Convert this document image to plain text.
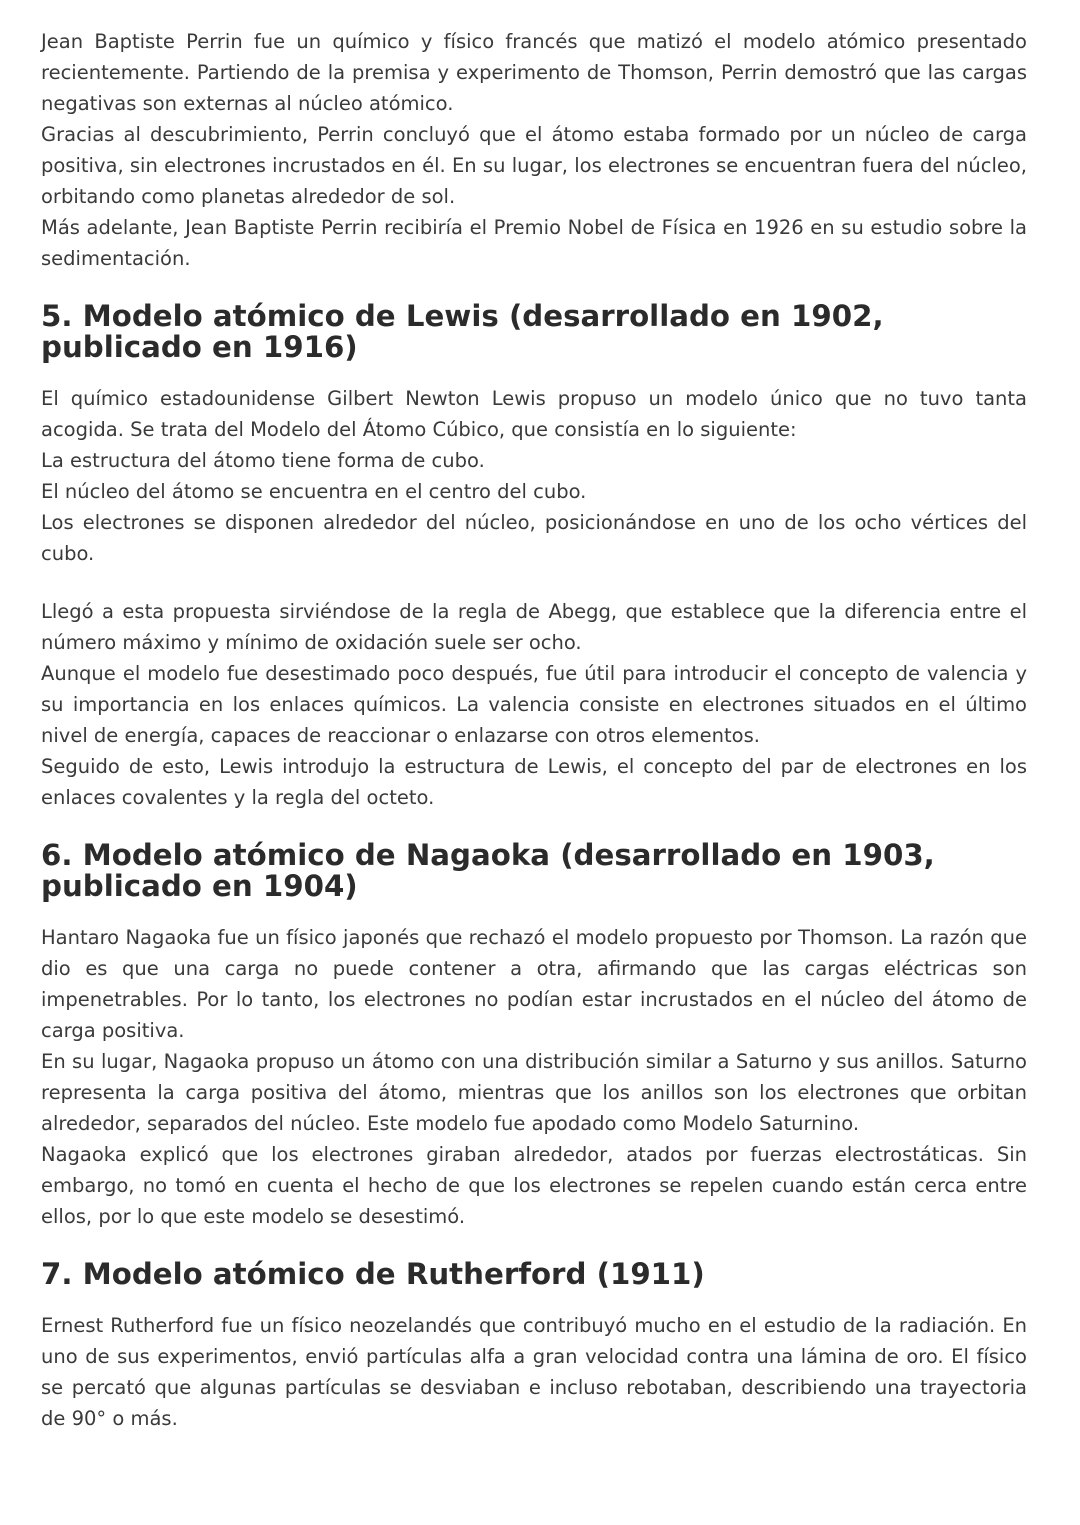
Jean Baptiste Perrin fue un químico y físico francés que matizó el modelo atómico presentado recientemente. Partiendo de la premisa y experimento de Thomson, Perrin demostró que las cargas negativas son externas al núcleo atómico.

Gracias al descubrimiento, Perrin concluyó que el átomo estaba formado por un núcleo de carga positiva, sin electrones incrustados en él. En su lugar, los electrones se encuentran fuera del núcleo, orbitando como planetas alrededor de sol.

Más adelante, Jean Baptiste Perrin recibiría el Premio Nobel de Física en 1926 en su estudio sobre la sedimentación.

5. Modelo atómico de Lewis (desarrollado en 1902, publicado en 1916)

El químico estadounidense Gilbert Newton Lewis propuso un modelo único que no tuvo tanta acogida. Se trata del Modelo del Átomo Cúbico, que consistía en lo siguiente:

La estructura del átomo tiene forma de cubo.

El núcleo del átomo se encuentra en el centro del cubo.

Los electrones se disponen alrededor del núcleo, posicionándose en uno de los ocho vértices del cubo.

Llegó a esta propuesta sirviéndose de la regla de Abegg, que establece que la diferencia entre el número máximo y mínimo de oxidación suele ser ocho.

Aunque el modelo fue desestimado poco después, fue útil para introducir el concepto de valencia y su importancia en los enlaces químicos. La valencia consiste en electrones situados en el último nivel de energía, capaces de reaccionar o enlazarse con otros elementos.

Seguido de esto, Lewis introdujo la estructura de Lewis, el concepto del par de electrones en los enlaces covalentes y la regla del octeto.

6. Modelo atómico de Nagaoka (desarrollado en 1903, publicado en 1904)

Hantaro Nagaoka fue un físico japonés que rechazó el modelo propuesto por Thomson. La razón que dio es que una carga no puede contener a otra, afirmando que las cargas eléctricas son impenetrables. Por lo tanto, los electrones no podían estar incrustados en el núcleo del átomo de carga positiva.

En su lugar, Nagaoka propuso un átomo con una distribución similar a Saturno y sus anillos. Saturno representa la carga positiva del átomo, mientras que los anillos son los electrones que orbitan alrededor, separados del núcleo. Este modelo fue apodado como Modelo Saturnino.

Nagaoka explicó que los electrones giraban alrededor, atados por fuerzas electrostáticas. Sin embargo, no tomó en cuenta el hecho de que los electrones se repelen cuando están cerca entre ellos, por lo que este modelo se desestimó.

7. Modelo atómico de Rutherford (1911)

Ernest Rutherford fue un físico neozelandés que contribuyó mucho en el estudio de la radiación. En uno de sus experimentos, envió partículas alfa a gran velocidad contra una lámina de oro. El físico se percató que algunas partículas se desviaban e incluso rebotaban, describiendo una trayectoria de 90° o más.
